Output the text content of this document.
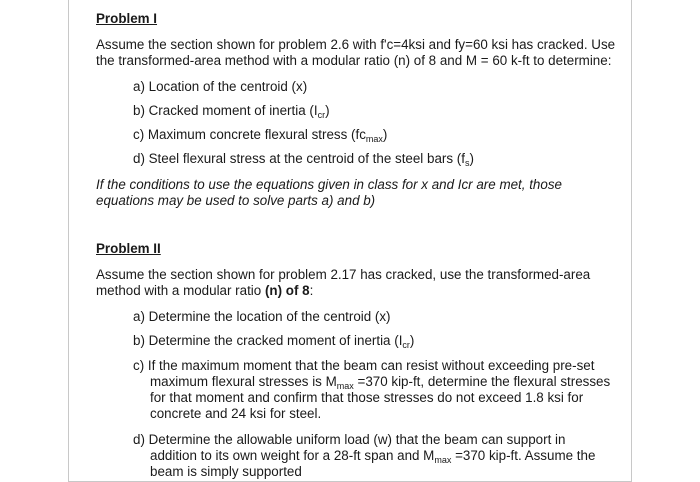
Problem I
Assume the section shown for problem 2.6 with f'c=4ksi and fy=60 ksi has cracked. Use
the transformed-area method with a modular ratio (n) of 8 and M = 60 k-ft to determine:
a) Location of the centroid (x)
b) Cracked moment of inertia $(I_{cr})$
c) Maximum concrete flexural stress $(fc_{max})$
d) Steel flexural stress at the centroid of the steel bars $(f_s)$
If the conditions to use the equations given in class for x and Icr are met, those
equations may be used to solve parts a) and b)
Problem II
Assume the section shown for problem 2.17 has cracked, use the transformed-area
method with a modular ratio (n) of 8:
a) Determine the location of the centroid (x)
b) Determine the cracked moment of inertia $(I_{cr})$
c) If the maximum moment that the beam can resist without exceeding pre-set
maximum flexural stresses is $M_{max} =370$ kip-ft, determine the flexural stresses
for that moment and confirm that those stresses do not exceed 1.8 ksi for
concrete and 24 ksi for steel.
d) Determine the allowable uniform load (w) that the beam can support in
addition to its own weight for a 28-ft span and $M_{max} =370$ kip-ft. Assume the
beam is simply supported
